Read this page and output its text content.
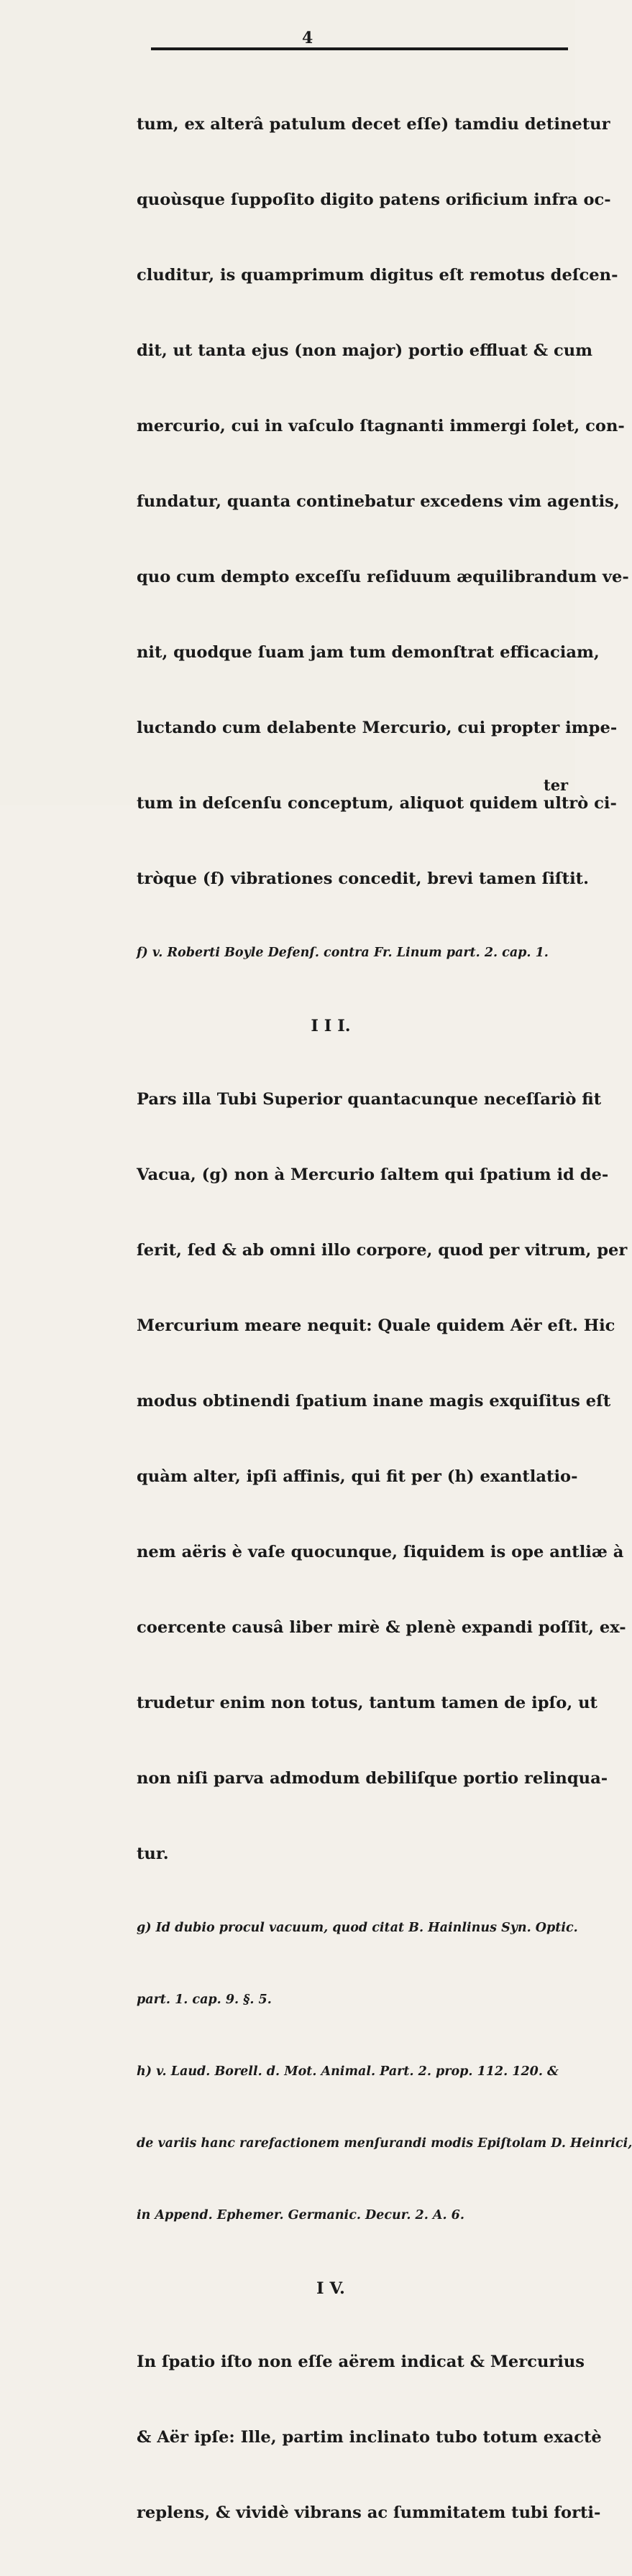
4

tum, ex alterâ patulum decet eſſe) tamdiu detinetur

quoùsque ſuppoſito digito patens orificium infra oc-

cluditur, is quamprimum digitus eſt remotus deſcen-

dit, ut tanta ejus (non major) portio effluat & cum

mercurio, cui in vaſculo ſtagnanti immergi ſolet, con-

fundatur, quanta continebatur excedens vim agentis,

quo cum dempto exceſſu reſiduum æquilibrandum ve-

nit, quodque ſuam jam tum demonſtrat efficaciam,

luctando cum delabente Mercurio, cui propter impe-

tum in deſcenſu conceptum, aliquot quidem ultrò ci-

tròque (f) vibrationes concedit, brevi tamen ſiſtit.

f) v. Roberti Boyle Defenſ. contra Fr. Linum part. 2. cap. 1.

I I I.

Pars illa Tubi Superior quantacunque neceſſariò fit

Vacua, (g) non à Mercurio ſaltem qui ſpatium id de-

ſerit, ſed & ab omni illo corpore, quod per vitrum, per

Mercurium meare nequit: Quale quidem Aër eſt. Hic

modus obtinendi ſpatium inane magis exquiſitus eſt

quàm alter, ipſi affinis, qui fit per (h) exantlatio-

nem aëris è vaſe quocunque, ſiquidem is ope antliæ à

coercente causâ liber mirè & plenè expandi poſſit, ex-

trudetur enim non totus, tantum tamen de ipſo, ut

non niſi parva admodum debiliſque portio relinqua-

tur.

g) Id dubio procul vacuum, quod citat B. Hainlinus Syn. Optic.

part. 1. cap. 9. §. 5.

h) v. Laud. Borell. d. Mot. Animal. Part. 2. prop. 112. 120. &

de variis hanc rarefactionem menſurandi modis Epiſtolam D. Heinrici,

in Append. Ephemer. Germanic. Decur. 2. A. 6.

I V.

In ſpatio iſto non eſſe aërem indicat & Mercurius

& Aër ipſe: Ille, partim inclinato tubo totum exactè

replens, & vividè vibrans ac ſummitatem tubi forti-

ter
